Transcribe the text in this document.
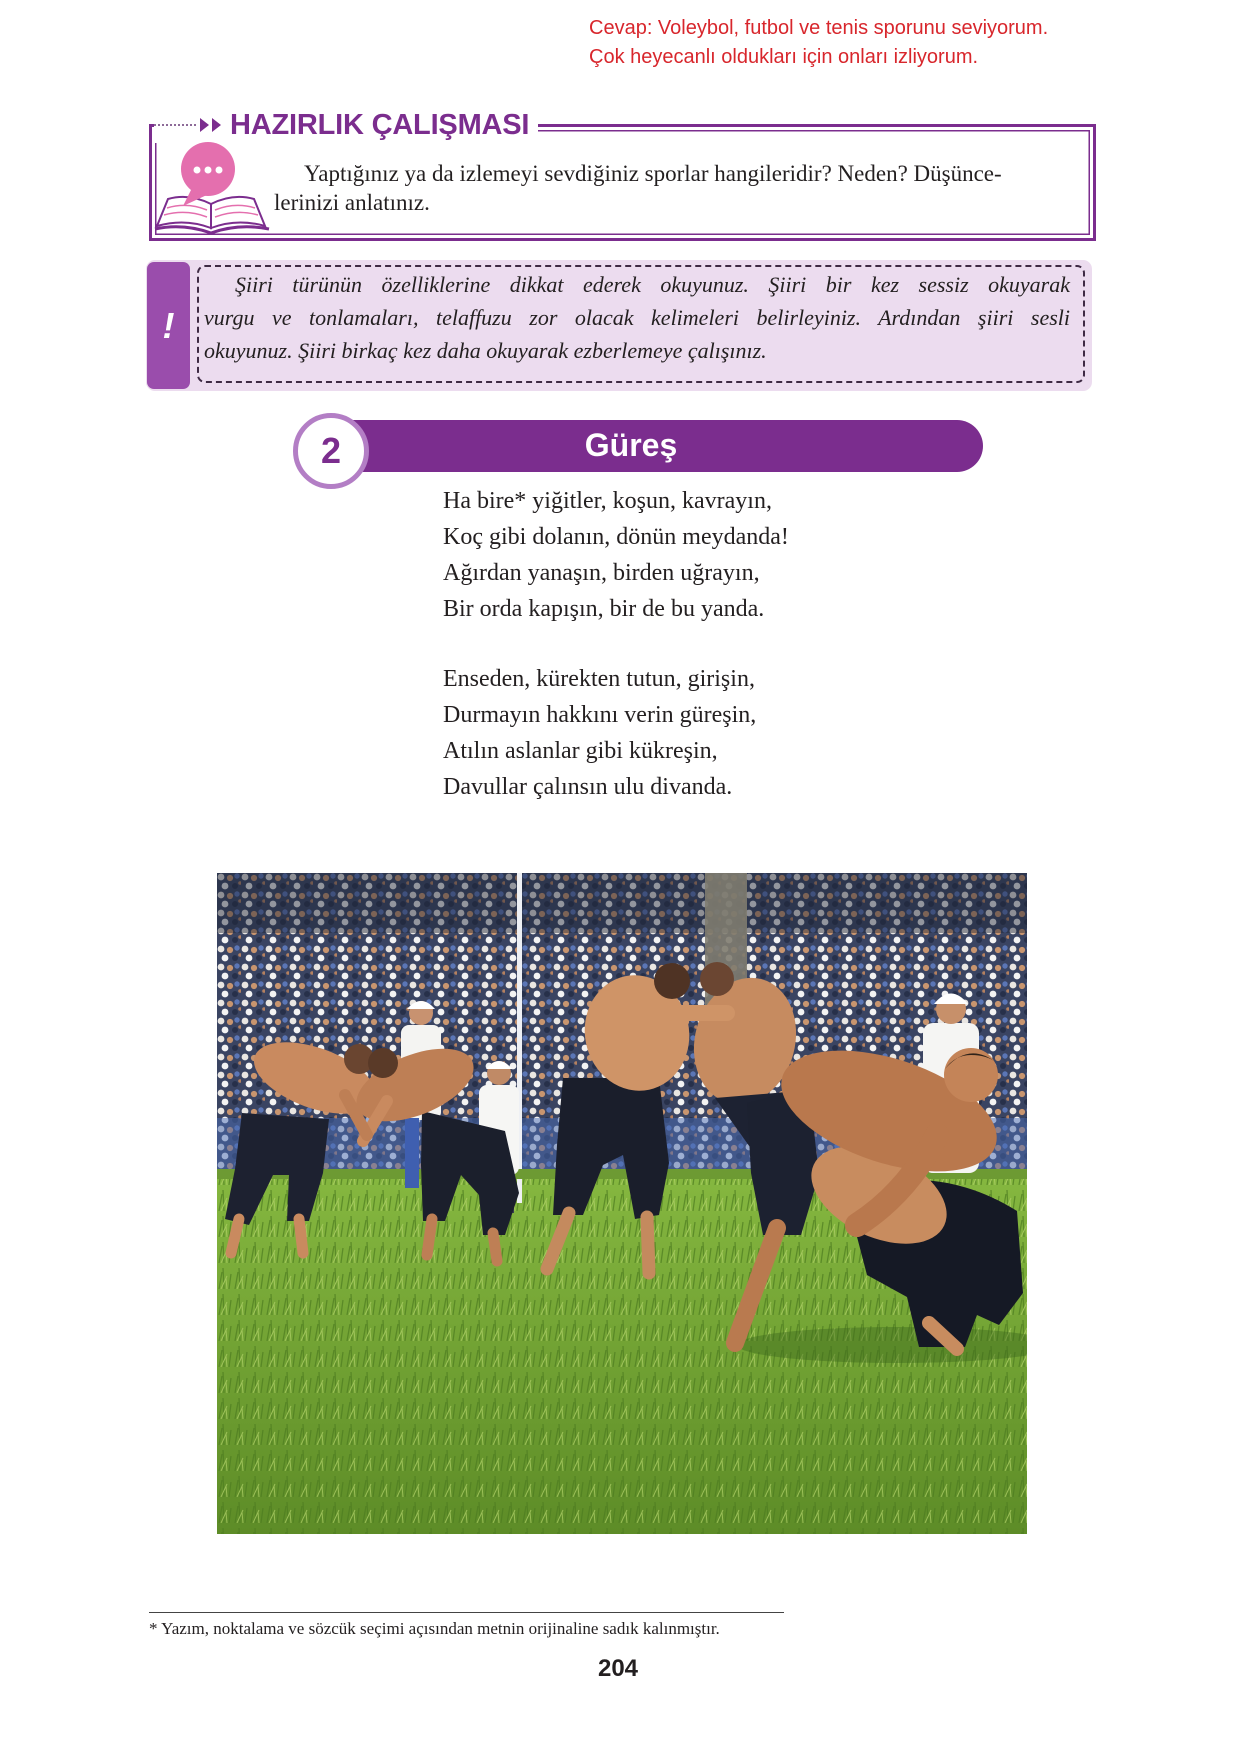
Cevap: Voleybol, futbol ve tenis sporunu seviyorum.
Çok heyecanlı oldukları için onları izliyorum.
HAZIRLIK ÇALIŞMASI
Yaptığınız ya da izlemeyi sevdiğiniz sporlar hangileridir? Neden? Düşünce-
lerinizi anlatınız.
!
Şiiri türünün özelliklerine dikkat ederek okuyunuz. Şiiri bir kez sessiz okuyarak
vurgu ve tonlamaları, telaffuzu zor olacak kelimeleri belirleyiniz. Ardından şiiri sesli
okuyunuz. Şiiri birkaç kez daha okuyarak ezberlemeye çalışınız.
Güreş
2
Ha bire* yiğitler, koşun, kavrayın,
Koç gibi dolanın, dönün meydanda!
Ağırdan yanaşın, birden uğrayın,
Bir orda kapışın, bir de bu yanda.
Enseden, kürekten tutun, girişin,
Durmayın hakkını verin güreşin,
Atılın aslanlar gibi kükreşin,
Davullar çalınsın ulu divanda.
* Yazım, noktalama ve sözcük seçimi açısından metnin orijinaline sadık kalınmıştır.
204
